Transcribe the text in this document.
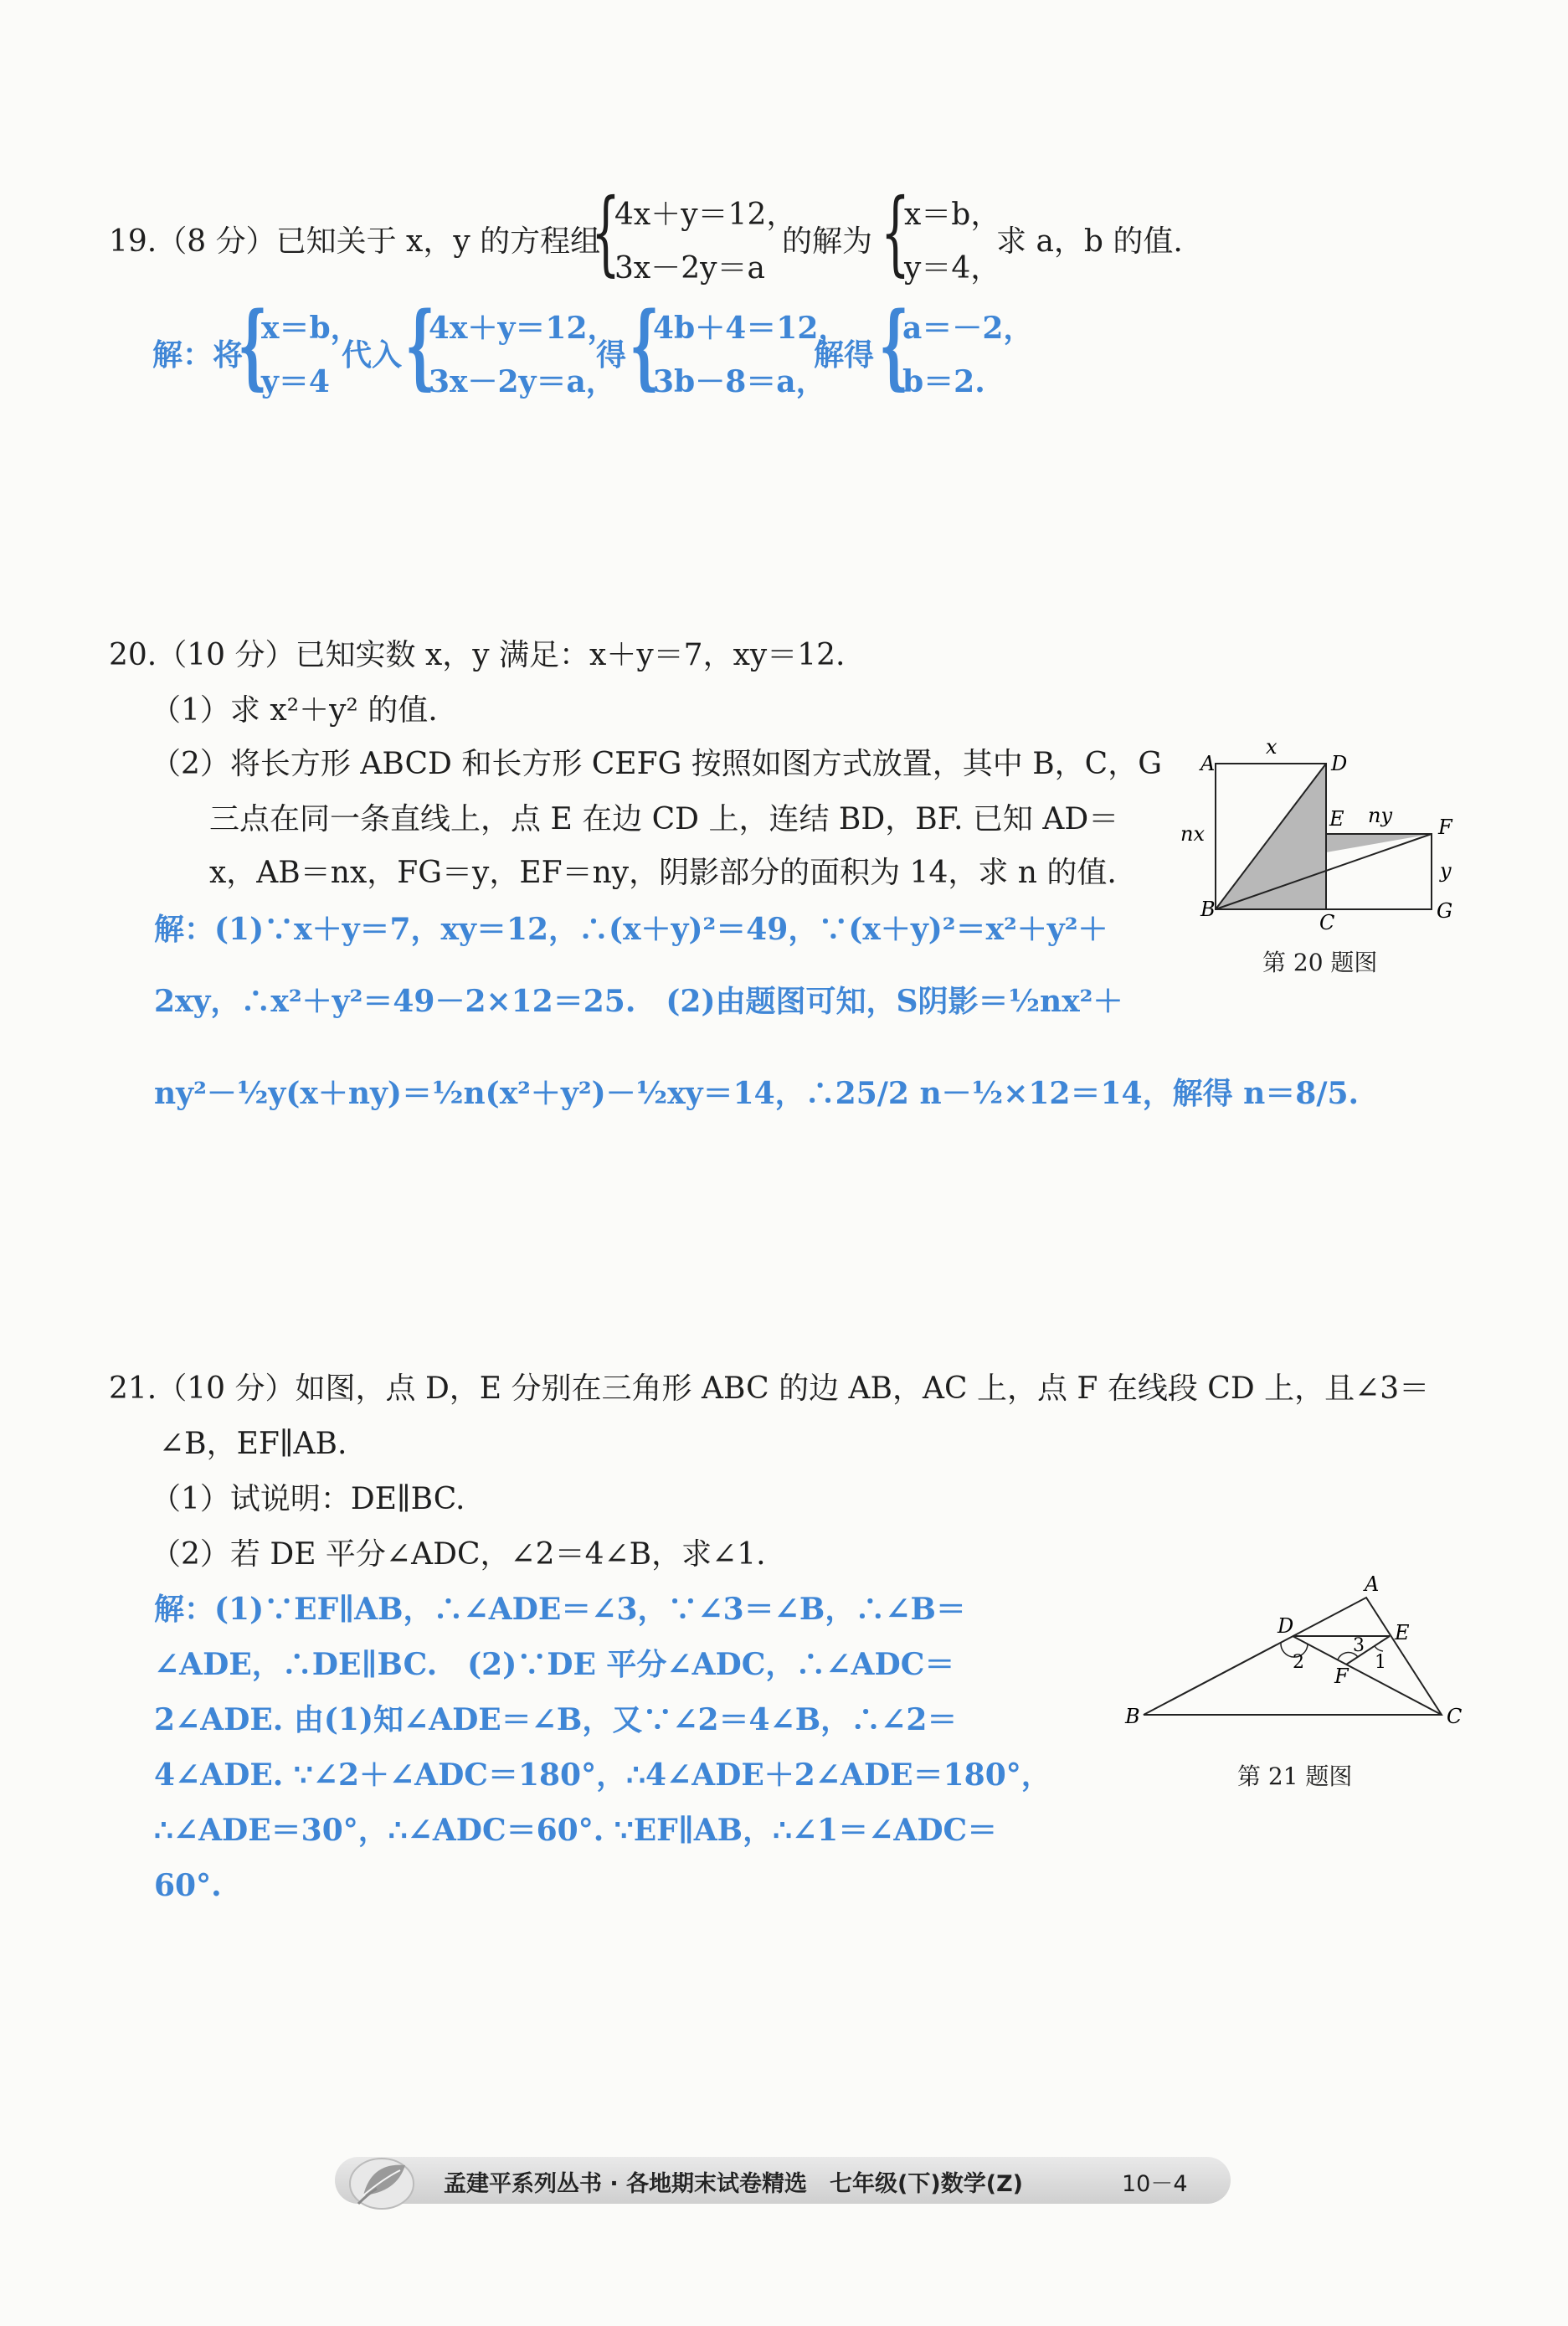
19.（8 分）已知关于 x，y 的方程组
{
4x＋y＝12，
3x－2y＝a
的解为 {
x＝b，
y＝4，
求 a，b 的值.
解：将
{
x＝b，
y＝4
代入 {
4x＋y＝12，
3x－2y＝a，
得 {
4b＋4＝12，
3b－8＝a，
解得 {
a＝－2，
b＝2.
20.（10 分）已知实数 x，y 满足：x＋y＝7，xy＝12.
（1）求 x²＋y² 的值.
（2）将长方形 ABCD 和长方形 CEFG 按照如图方式放置，其中 B，C，G
三点在同一条直线上，点 E 在边 CD 上，连结 BD，BF. 已知 AD＝
x，AB＝nx，FG＝y，EF＝ny，阴影部分的面积为 14，求 n 的值.
解：(1)∵x＋y＝7，xy＝12，∴(x＋y)²＝49，∵(x＋y)²＝x²＋y²＋
2xy，∴x²＋y²＝49－2×12＝25.　(2)由题图可知，S阴影＝½nx²＋
ny²－½y(x＋ny)＝½n(x²＋y²)－½xy＝14，∴25/2 n－½×12＝14，解得 n＝8/5.
A	D
x
nx
E ny F
y
B
C	G
第 20 题图
21.（10 分）如图，点 D，E 分别在三角形 ABC 的边 AB，AC 上，点 F 在线段 CD 上，且∠3＝
∠B，EF∥AB.
（1）试说明：DE∥BC.
（2）若 DE 平分∠ADC，∠2＝4∠B，求∠1.
解：(1)∵EF∥AB，∴∠ADE＝∠3，∵∠3＝∠B，∴∠B＝
∠ADE，∴DE∥BC.　(2)∵DE 平分∠ADC，∴∠ADC＝
2∠ADE. 由(1)知∠ADE＝∠B，又∵∠2＝4∠B，∴∠2＝
4∠ADE. ∵∠2＋∠ADC＝180°，∴4∠ADE＋2∠ADE＝180°，
∴∠ADE＝30°，∴∠ADC＝60°. ∵EF∥AB，∴∠1＝∠ADC＝
60°.
A
D	E
F
2
3
1
B	C
第 21 题图
孟建平系列丛书 · 各地期末试卷精选　七年级(下)数学(Z)	10－4
